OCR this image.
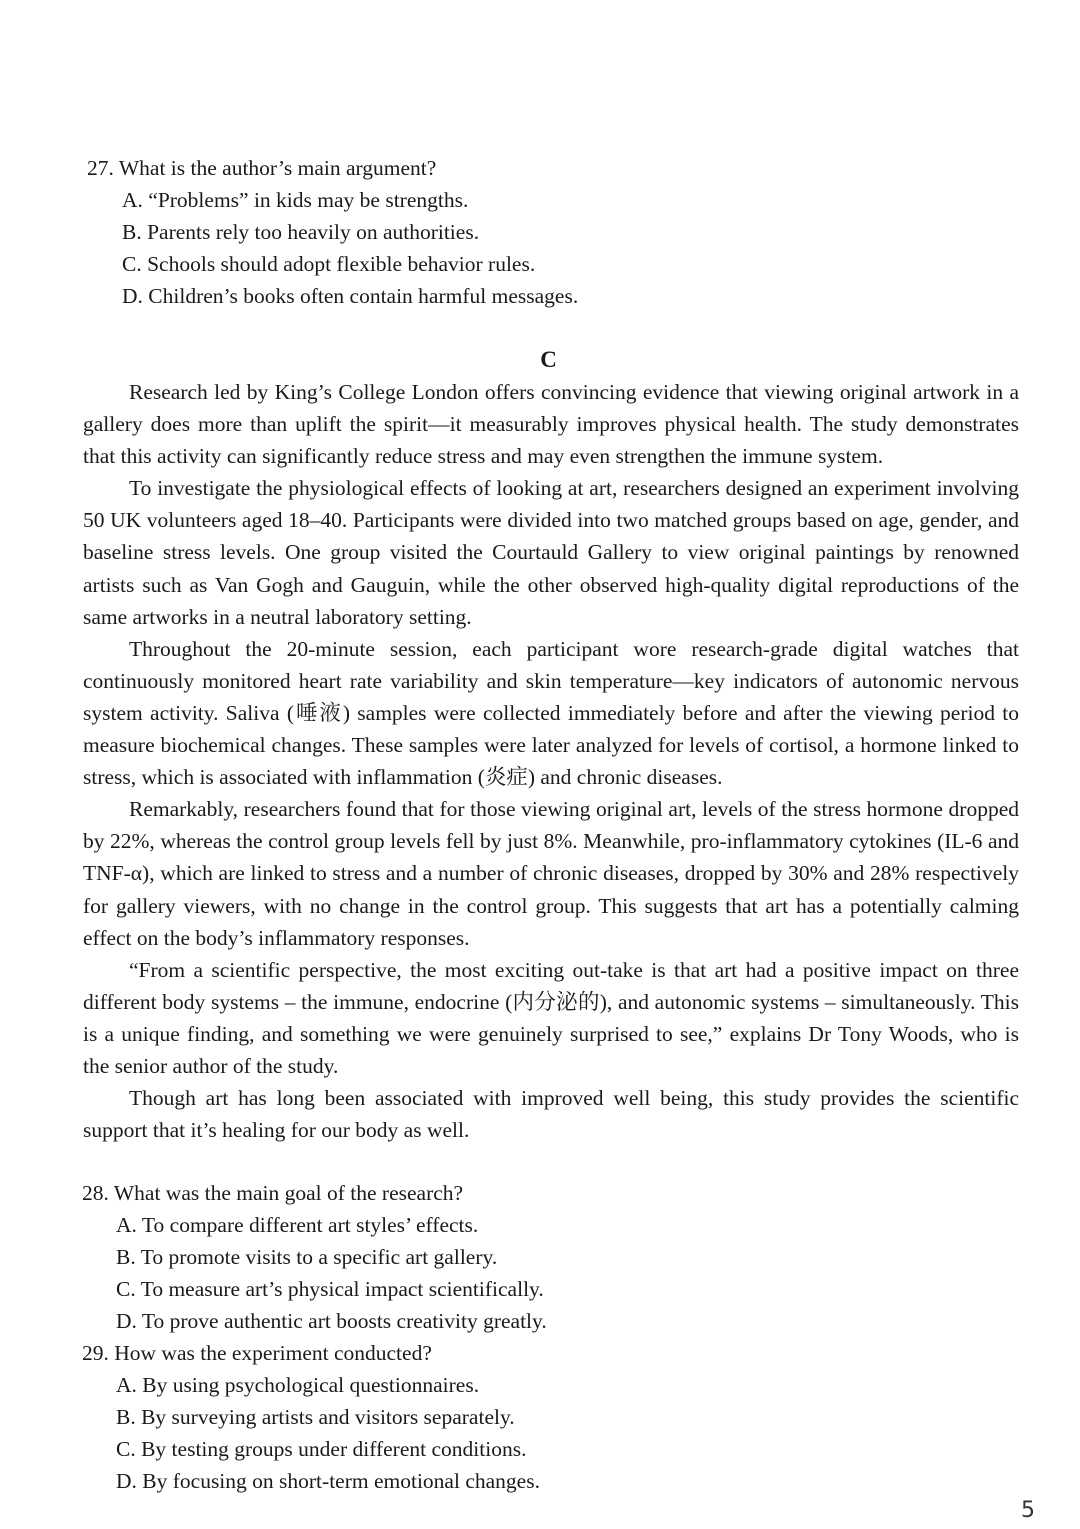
27. What is the author’s main argument?
A. “Problems” in kids may be strengths.
B. Parents rely too heavily on authorities.
C. Schools should adopt flexible behavior rules.
D. Children’s books often contain harmful messages.
C

Research led by King’s College London offers convincing evidence that viewing original artwork in a gallery does more than uplift the spirit—it measurably improves physical health. The study demonstrates that this activity can significantly reduce stress and may even strengthen the immune system.

To investigate the physiological effects of looking at art, researchers designed an experiment involving 50 UK volunteers aged 18–40. Participants were divided into two matched groups based on age, gender, and baseline stress levels. One group visited the Courtauld Gallery to view original paintings by renowned artists such as Van Gogh and Gauguin, while the other observed high-quality digital reproductions of the same artworks in a neutral laboratory setting.

Throughout the 20-minute session, each participant wore research-grade digital watches that continuously monitored heart rate variability and skin temperature—key indicators of autonomic nervous system activity. Saliva (唾液) samples were collected immediately before and after the viewing period to measure biochemical changes. These samples were later analyzed for levels of cortisol, a hormone linked to stress, which is associated with inflammation (炎症) and chronic diseases.

Remarkably, researchers found that for those viewing original art, levels of the stress hormone dropped by 22%, whereas the control group levels fell by just 8%. Meanwhile, pro-inflammatory cytokines (IL-6 and TNF-α), which are linked to stress and a number of chronic diseases, dropped by 30% and 28% respectively for gallery viewers, with no change in the control group. This suggests that art has a potentially calming effect on the body’s inflammatory responses.

“From a scientific perspective, the most exciting out-take is that art had a positive impact on three different body systems – the immune, endocrine (内分泌的), and autonomic systems – simultaneously. This is a unique finding, and something we were genuinely surprised to see,” explains Dr Tony Woods, who is the senior author of the study.

Though art has long been associated with improved well being, this study provides the scientific support that it’s healing for our body as well.

28. What was the main goal of the research?
A. To compare different art styles’ effects.
B. To promote visits to a specific art gallery.
C. To measure art’s physical impact scientifically.
D. To prove authentic art boosts creativity greatly.
29. How was the experiment conducted?
A. By using psychological questionnaires.
B. By surveying artists and visitors separately.
C. By testing groups under different conditions.
D. By focusing on short-term emotional changes.
5
